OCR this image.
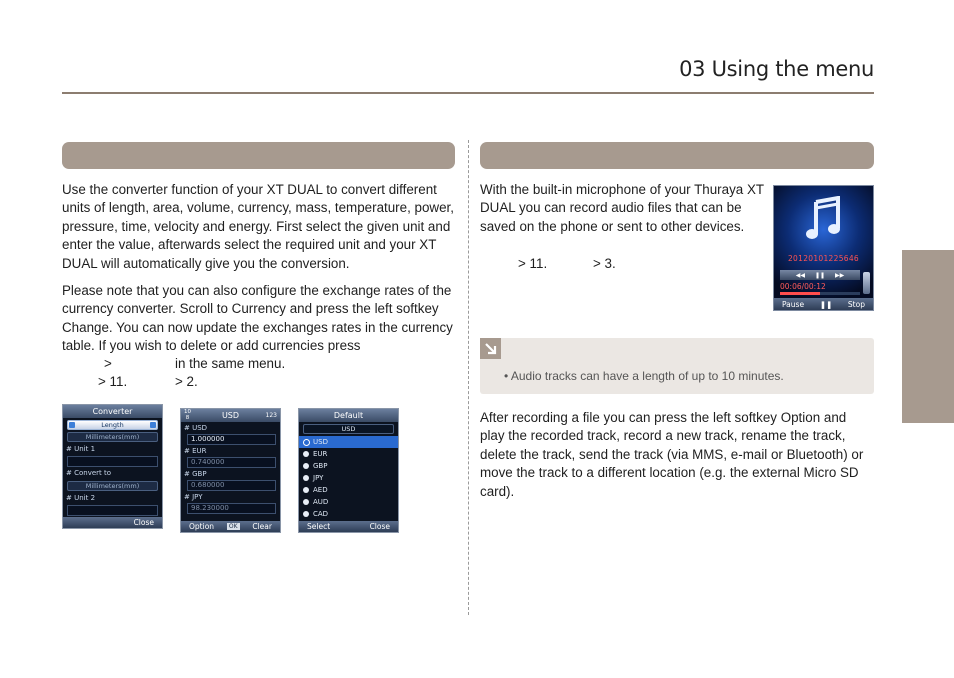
03 Using the menu

Use the converter function of your XT DUAL to convert different units of length, area, volume, currency, mass, temperature, power, pressure, time, velocity and energy. First select the given unit and enter the value, afterwards select the required unit and your XT DUAL will automatically give you the conversion.

Please note that you can also configure the exchange rates of the currency converter. Scroll to Currency and press the left softkey Change. You can now update the exchanges rates in the currency table. If you wish to delete or add currencies press

>	in the same menu.
> 11.	> 2.
Converter
Length
Millimeters(mm)
# Unit 1
# Convert to
Millimeters(mm)
# Unit 2
Close
10
8	USD	123
# USD
1.000000
# EUR
0.740000
# GBP
0.680000
# JPY
98.230000
Option	OK Clear
Default
USD
USD
EUR
GBP
JPY
AED
AUD
CAD
Select	Close

With the built-in microphone of your Thuraya XT DUAL you can record audio files that can be saved on the phone or sent to other devices.

> 11.	> 3.	20120101225646
◀◀ ❚❚ ▶▶
00:06/00:12
Pause ❚❚ Stop
• Audio tracks can have a length of up to 10 minutes.

After recording a file you can press the left softkey Option and play the recorded track, record a new track, rename the track, delete the track, send the track (via MMS, e-mail or Bluetooth) or move the track to a different location (e.g. the external Micro SD card).
